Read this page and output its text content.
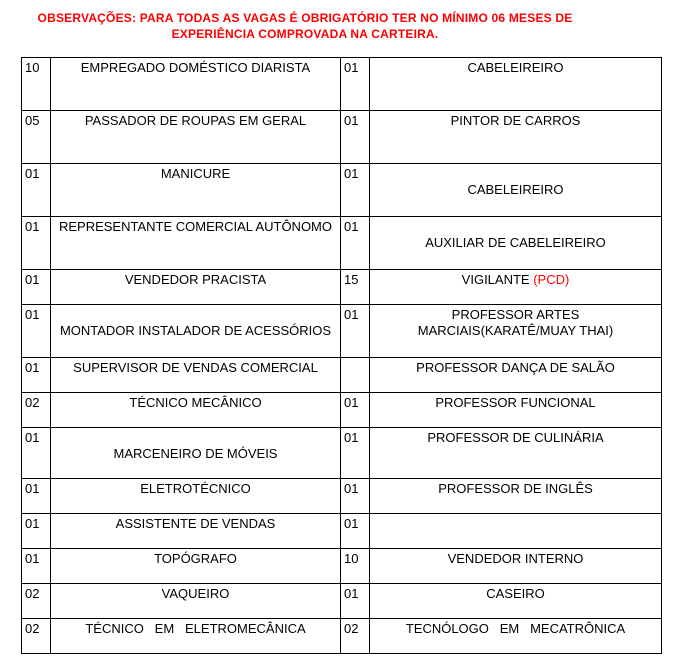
OBSERVAÇÕES: PARA TODAS AS VAGAS É OBRIGATÓRIO TER NO MÍNIMO 06 MESES DE
EXPERIÊNCIA COMPROVADA NA CARTEIRA.
10	EMPREGADO DOMÉSTICO DIARISTA	01	CABELEIREIRO
05	PASSADOR DE ROUPAS EM GERAL	01	PINTOR DE CARROS
01	MANICURE	01	CABELEIREIRO
01	REPRESENTANTE COMERCIAL AUTÔNOMO	01	AUXILIAR DE CABELEIREIRO
01	VENDEDOR PRACISTA	15	VIGILANTE (PCD)
01	MONTADOR INSTALADOR DE ACESSÓRIOS	01	PROFESSOR ARTES
MARCIAIS(KARATÊ/MUAY THAI)
01	SUPERVISOR DE VENDAS COMERCIAL		PROFESSOR DANÇA DE SALÃO
02	TÉCNICO MECÂNICO	01	PROFESSOR FUNCIONAL
01	MARCENEIRO DE MÓVEIS	01	PROFESSOR DE CULINÁRIA
01	ELETROTÉCNICO	01	PROFESSOR DE INGLÊS
01	ASSISTENTE DE VENDAS	01	
01	TOPÓGRAFO	10	VENDEDOR INTERNO
02	VAQUEIRO	01	CASEIRO
02	TÉCNICO   EM   ELETROMECÂNICA	02	TECNÓLOGO   EM   MECATRÔNICA
